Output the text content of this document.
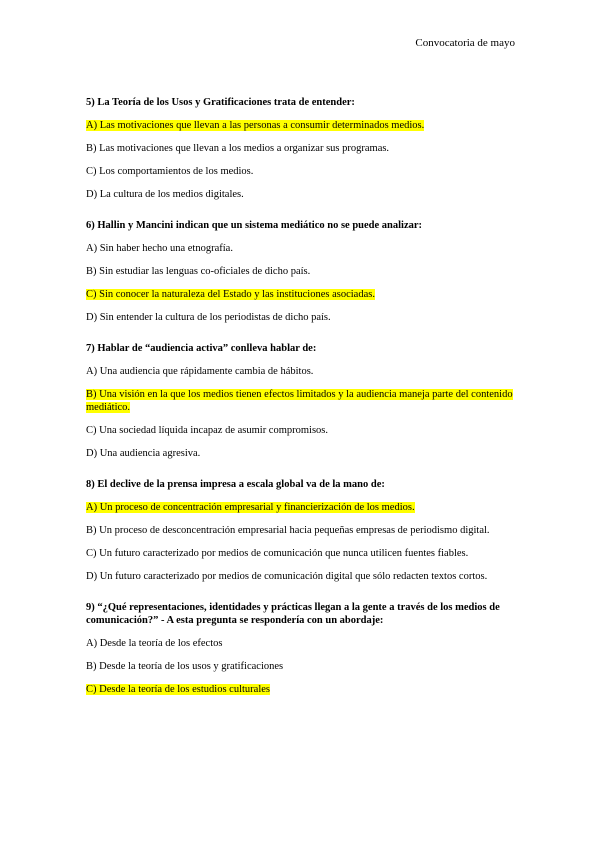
Convocatoria de mayo
5) La Teoría de los Usos y Gratificaciones trata de entender:
A) Las motivaciones que llevan a las personas a consumir determinados medios.
B) Las motivaciones que llevan a los medios a organizar sus programas.
C) Los comportamientos de los medios.
D) La cultura de los medios digitales.
6) Hallin y Mancini indican que un sistema mediático no se puede analizar:
A) Sin haber hecho una etnografía.
B) Sin estudiar las lenguas co-oficiales de dicho país.
C) Sin conocer la naturaleza del Estado y las instituciones asociadas.
D) Sin entender la cultura de los periodistas de dicho país.
7) Hablar de “audiencia activa” conlleva hablar de:
A) Una audiencia que rápidamente cambia de hábitos.
B) Una visión en la que los medios tienen efectos limitados y la audiencia maneja parte del contenido mediático.
C) Una sociedad líquida incapaz de asumir compromisos.
D) Una audiencia agresiva.
8) El declive de la prensa impresa a escala global va de la mano de:
A) Un proceso de concentración empresarial y financierización de los medios.
B) Un proceso de desconcentración empresarial hacia pequeñas empresas de periodismo digital.
C) Un futuro caracterizado por medios de comunicación que nunca utilicen fuentes fiables.
D) Un futuro caracterizado por medios de comunicación digital que sólo redacten textos cortos.
9) “¿Qué representaciones, identidades y prácticas llegan a la gente a través de los medios de comunicación?” - A esta pregunta se respondería con un abordaje:
A) Desde la teoría de los efectos
B) Desde la teoría de los usos y gratificaciones
C) Desde la teoría de los estudios culturales
